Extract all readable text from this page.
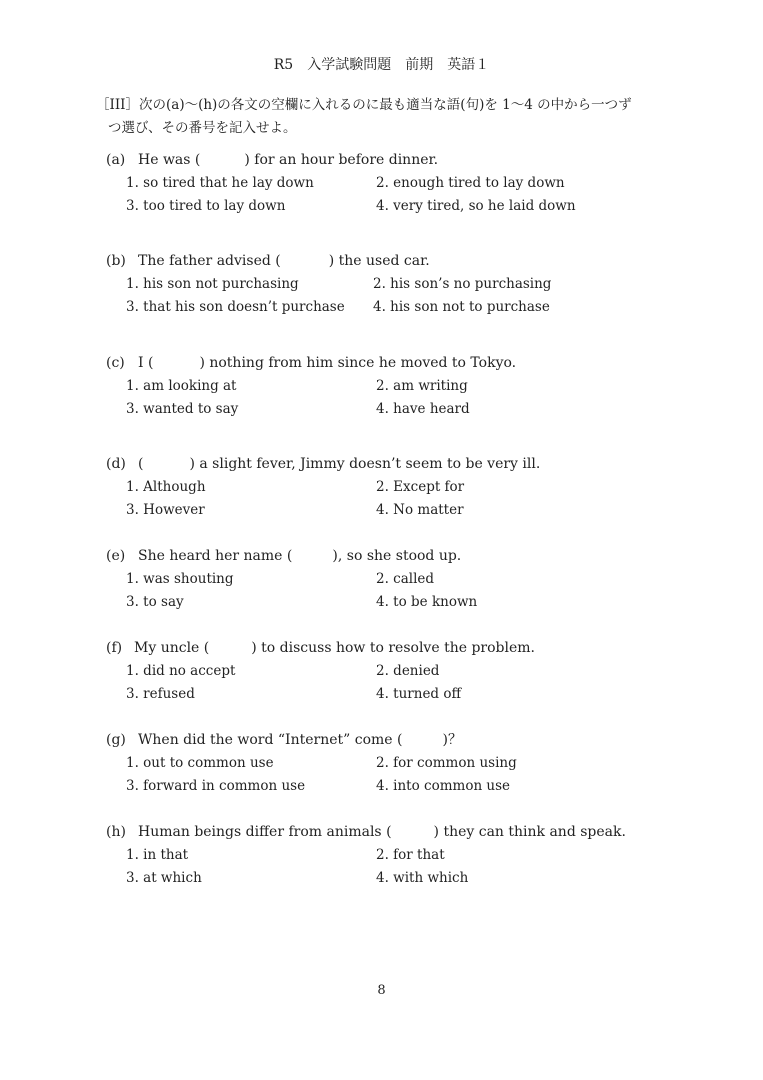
R5　入学試験問題　前期　英語１
［III］次の(a)〜(h)の各文の空欄に入れるのに最も適当な語(句)を 1〜4 の中から一つず
つ選び、その番号を記入せよ。
(a) He was (	) for an hour before dinner.
1. so tired that he lay down	2. enough tired to lay down
3. too tired to lay down	4. very tired, so he laid down
(b) The father advised (	) the used car.
1. his son not purchasing	2. his son’s no purchasing
3. that his son doesn’t purchase 4. his son not to purchase
(c) I (	) nothing from him since he moved to Tokyo.
1. am looking at	2. am writing
3. wanted to say	4. have heard
(d) (	) a slight fever, Jimmy doesn’t seem to be very ill.
1. Although	2. Except for
3. However	4. No matter
(e) She heard her name (	), so she stood up.
1. was shouting	2. called
3. to say	4. to be known
(f) My uncle (	) to discuss how to resolve the problem.
1. did no accept	2. denied
3. refused	4. turned off
(g) When did the word “Internet” come (	)？
1. out to common use	2. for common using
3. forward in common use	4. into common use
(h) Human beings differ from animals (	) they can think and speak.
1. in that	2. for that
3. at which	4. with which
8
